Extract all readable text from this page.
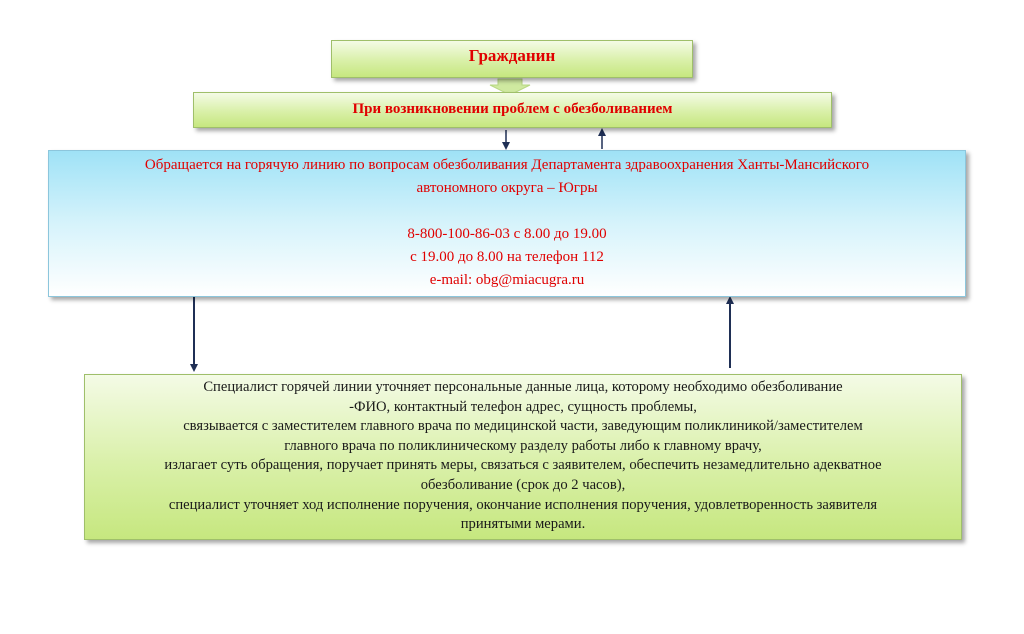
Гражданин
При возникновении проблем с обезболиванием
Обращается на горячую линию по вопросам обезболивания Департамента здравоохранения Ханты-Мансийского
автономного округа – Югры
8-800-100-86-03 с 8.00 до 19.00
с 19.00 до 8.00 на телефон 112
e-mail: obg@miacugra.ru
Специалист горячей линии уточняет персональные данные лица, которому необходимо обезболивание
-ФИО, контактный телефон адрес, сущность проблемы,
связывается с заместителем главного врача по медицинской части, заведующим поликлиникой/заместителем
главного врача по поликлиническому разделу работы либо к главному врачу,
излагает суть обращения, поручает принять меры, связаться с заявителем, обеспечить незамедлительно адекватное
обезболивание (срок до 2 часов),
специалист уточняет ход исполнение поручения, окончание исполнения поручения, удовлетворенность заявителя
принятыми мерами.
